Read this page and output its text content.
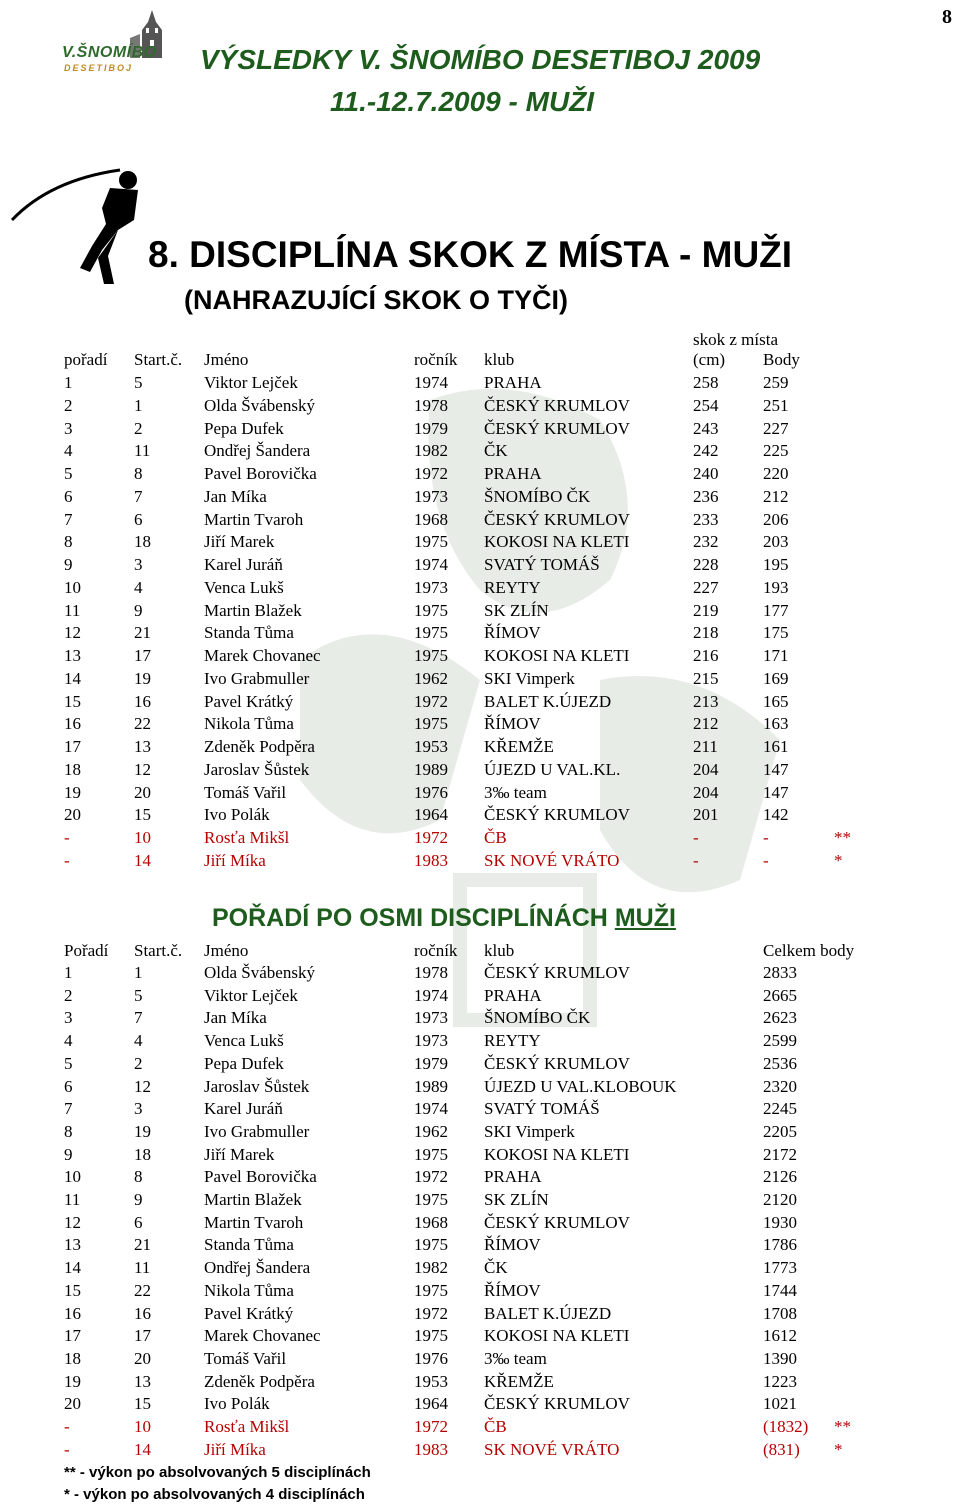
V.ŠNOMÍBO
DESETIBOJ
8
VÝSLEDKY V. ŠNOMÍBO DESETIBOJ 2009
11.-12.7.2009 - MUŽI
8. DISCIPLÍNA SKOK Z MÍSTA - MUŽI
(NAHRAZUJÍCÍ SKOK O TYČI)
skok z místa
pořadí Start.č. Jméno	ročník klub	(cm) Body
1	5	Viktor Lejček	1974 PRAHA	258	259
2	1	Olda Švábenský	1978 ČESKÝ KRUMLOV	254	251
3	2	Pepa Dufek	1979 ČESKÝ KRUMLOV	243	227
4	11	Ondřej Šandera	1982 ČK	242	225
5	8	Pavel Borovička	1972 PRAHA	240	220
6	7	Jan Míka	1973 ŠNOMÍBO ČK	236	212
7	6	Martin Tvaroh	1968 ČESKÝ KRUMLOV	233	206
8	18	Jiří Marek	1975 KOKOSI NA KLETI	232	203
9	3	Karel Juráň	1974 SVATÝ TOMÁŠ	228	195
10	4	Venca Lukš	1973 REYTY	227	193
11	9	Martin Blažek	1975 SK ZLÍN	219	177
12	21	Standa Tůma	1975 ŘÍMOV	218	175
13	17	Marek Chovanec	1975 KOKOSI NA KLETI	216	171
14	19	Ivo Grabmuller	1962 SKI Vimperk	215	169
15	16	Pavel Krátký	1972 BALET K.ÚJEZD	213	165
16	22	Nikola Tůma	1975 ŘÍMOV	212	163
17	13	Zdeněk Podpěra	1953 KŘEMŽE	211	161
18	12	Jaroslav Šůstek	1989 ÚJEZD U VAL.KL.	204	147
19	20	Tomáš Vařil	1976 3‰ team	204	147
20	15	Ivo Polák	1964 ČESKÝ KRUMLOV	201	142
-	10	Rosťa Mikšl	1972 ČB	-	-	**
-	14	Jiří Míka	1983 SK NOVÉ VRÁTO	-	-	*
POŘADÍ PO OSMI DISCIPLÍNÁCH MUŽI
Pořadí Start.č. Jméno	ročník klub	Celkem body
1	1	Olda Švábenský	1978 ČESKÝ KRUMLOV	2833
2	5	Viktor Lejček	1974 PRAHA	2665
3	7	Jan Míka	1973 ŠNOMÍBO ČK	2623
4	4	Venca Lukš	1973 REYTY	2599
5	2	Pepa Dufek	1979 ČESKÝ KRUMLOV	2536
6	12	Jaroslav Šůstek	1989 ÚJEZD U VAL.KLOBOUK	2320
7	3	Karel Juráň	1974 SVATÝ TOMÁŠ	2245
8	19	Ivo Grabmuller	1962 SKI Vimperk	2205
9	18	Jiří Marek	1975 KOKOSI NA KLETI	2172
10	8	Pavel Borovička	1972 PRAHA	2126
11	9	Martin Blažek	1975 SK ZLÍN	2120
12	6	Martin Tvaroh	1968 ČESKÝ KRUMLOV	1930
13	21	Standa Tůma	1975 ŘÍMOV	1786
14	11	Ondřej Šandera	1982 ČK	1773
15	22	Nikola Tůma	1975 ŘÍMOV	1744
16	16	Pavel Krátký	1972 BALET K.ÚJEZD	1708
17	17	Marek Chovanec	1975 KOKOSI NA KLETI	1612
18	20	Tomáš Vařil	1976 3‰ team	1390
19	13	Zdeněk Podpěra	1953 KŘEMŽE	1223
20	15	Ivo Polák	1964 ČESKÝ KRUMLOV	1021
-	10	Rosťa Mikšl	1972 ČB	(1832) **
-	14	Jiří Míka	1983 SK NOVÉ VRÁTO	(831) *
** - výkon po absolvovaných 5 disciplínách
* - výkon po absolvovaných 4 disciplínách
